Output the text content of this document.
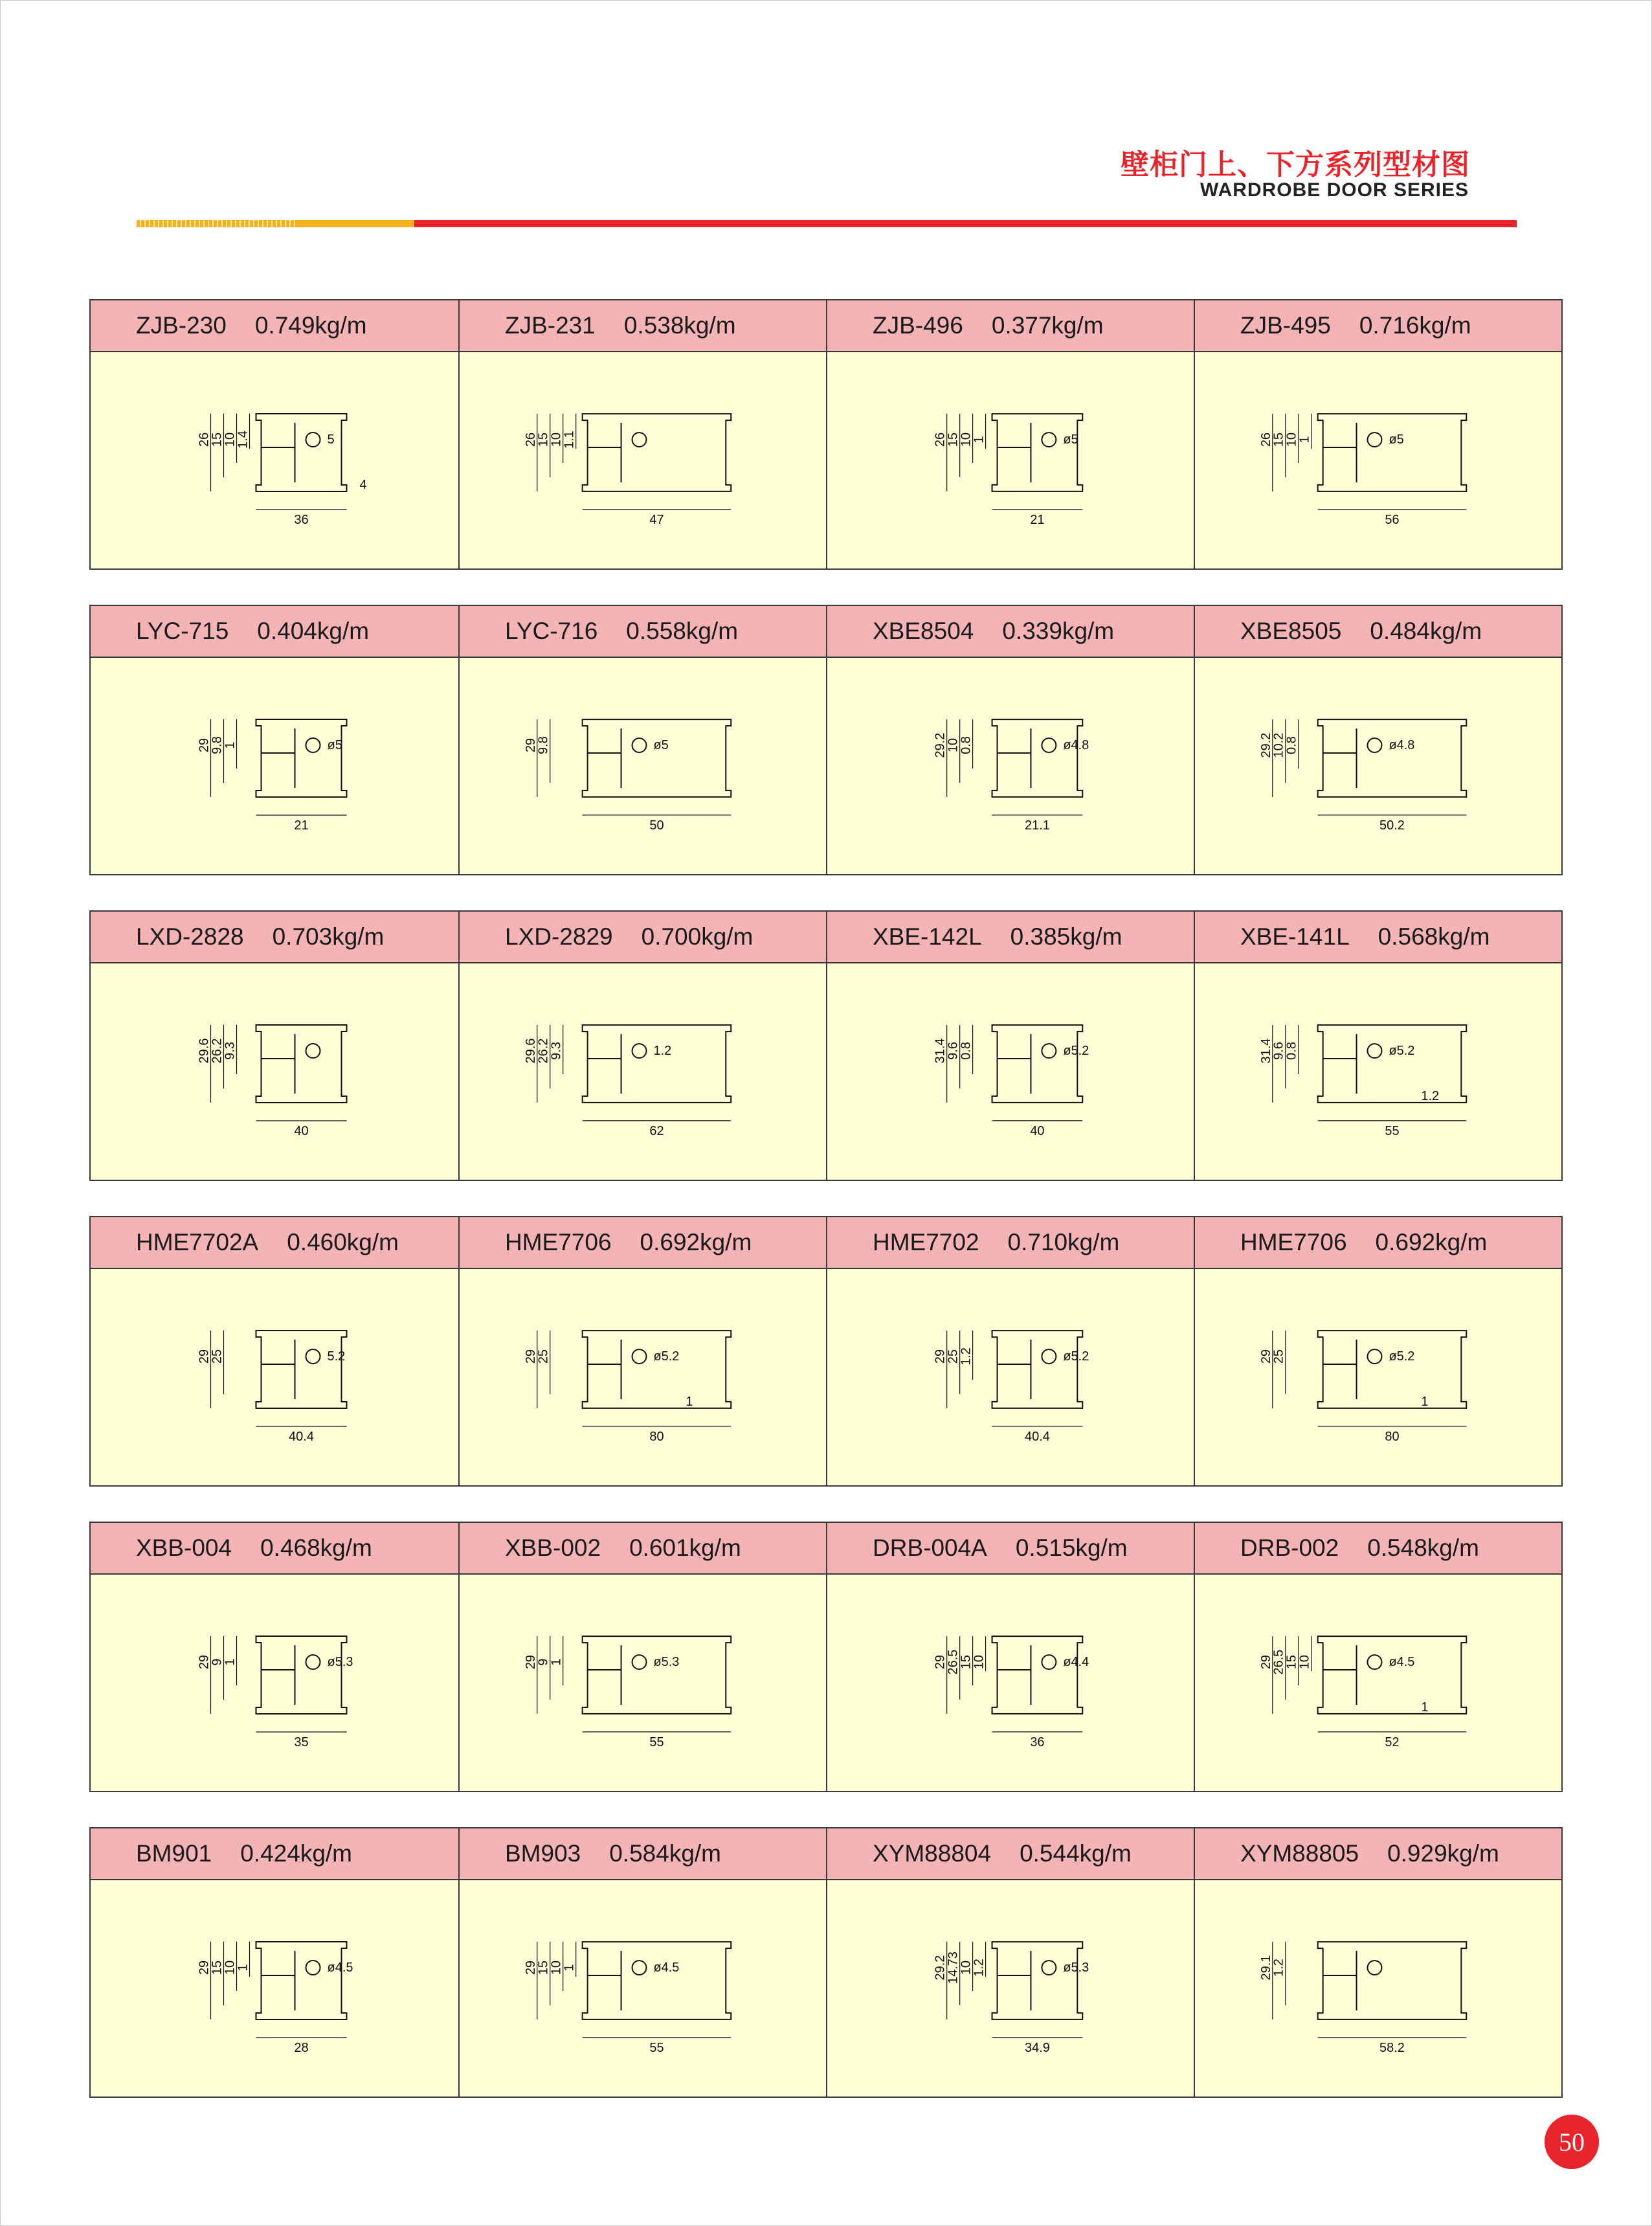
壁柜门上、下方系列型材图
WARDROBE DOOR SERIES
ZJB-230 0.749kg/m
26
15
10
1.4
36
5
4
ZJB-231 0.538kg/m
26
15
10
1.1
47
ZJB-496 0.377kg/m
26
15
10
1
21
ø5
ZJB-495 0.716kg/m
26
15
10
1
56
ø5
LYC-715 0.404kg/m
29
9.8
1
21
ø5
LYC-716 0.558kg/m
29
9.8
50
ø5
XBE8504 0.339kg/m
29.2
10
0.8
21.1
ø4.8
XBE8505 0.484kg/m
29.2
10.2
0.8
50.2
ø4.8
LXD-2828 0.703kg/m
29.6
26.2
9.3
40
LXD-2829 0.700kg/m
29.6
26.2
9.3
62
1.2
XBE-142L 0.385kg/m
31.4
9.6
0.8
40
ø5.2
XBE-141L 0.568kg/m
31.4
9.6
0.8
55
ø5.2
1.2
HME7702A 0.460kg/m
29
25
40.4
5.2
HME7706 0.692kg/m
29
25
80
ø5.2
1
HME7702 0.710kg/m
29
25
1.2
40.4
ø5.2
HME7706 0.692kg/m
29
25
80
ø5.2
1
XBB-004 0.468kg/m
29
9
1
35
ø5.3
XBB-002 0.601kg/m
29
9
1
55
ø5.3
DRB-004A 0.515kg/m
29
26.5
15
10
36
ø4.4
DRB-002 0.548kg/m
29
26.5
15
10
52
ø4.5
1
BM901 0.424kg/m
29
15
10
1
28
ø4.5
BM903 0.584kg/m
29
15
10
1
55
ø4.5
XYM88804 0.544kg/m
29.2
14.73
10
1.2
34.9
ø5.3
XYM88805 0.929kg/m
29.1
1.2
58.2
50
